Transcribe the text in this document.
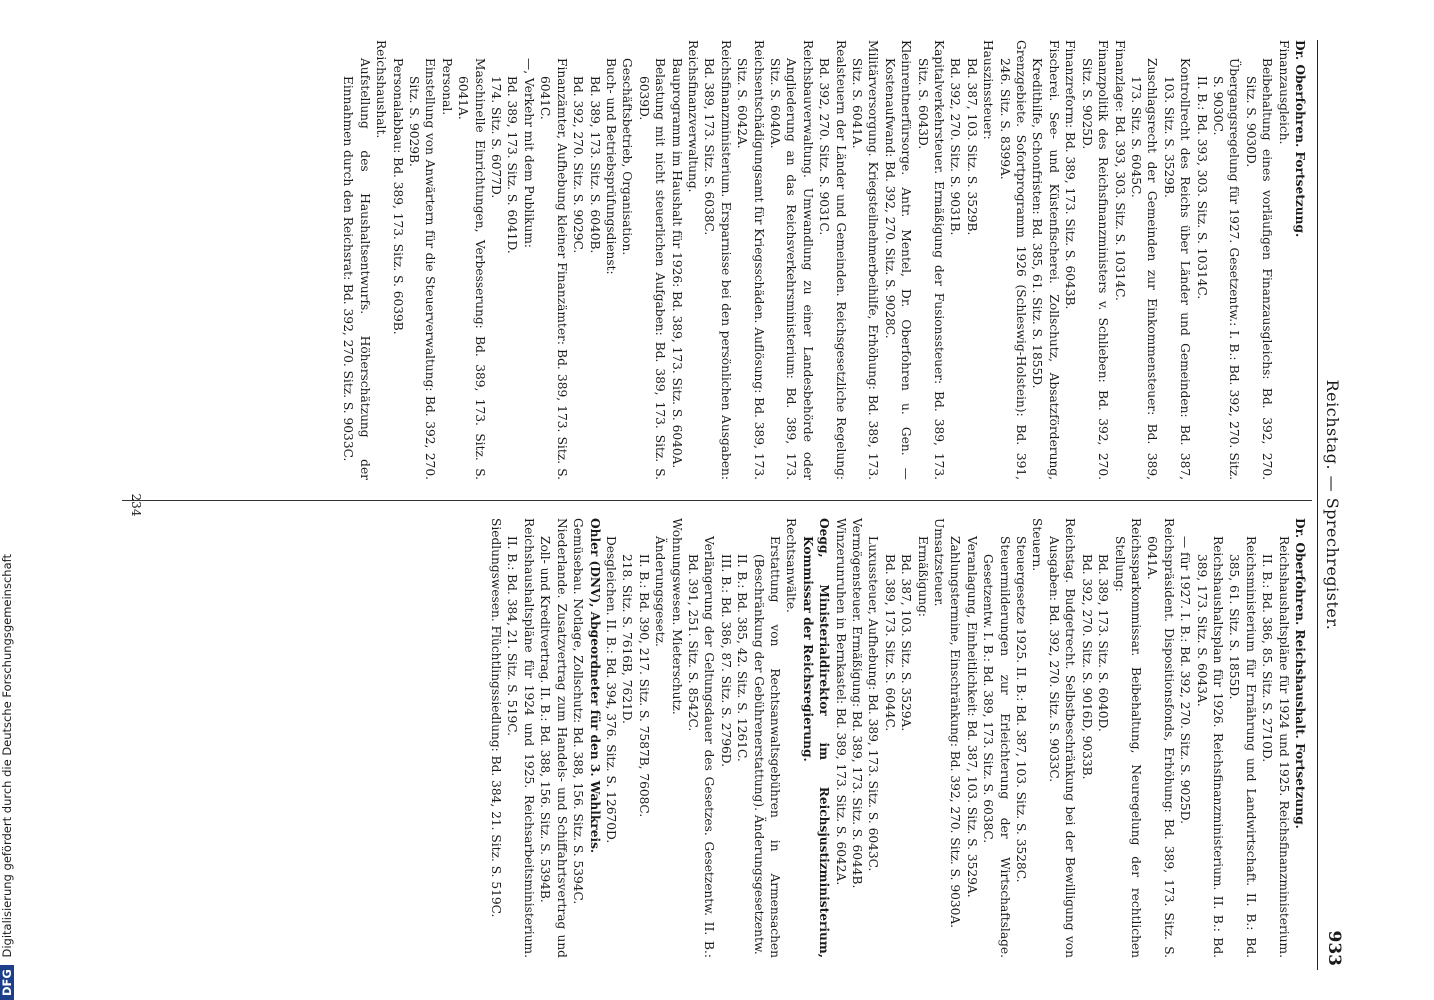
Reichstag. — Sprechregister.
933

Dr. Oberfohren. Fortsetzung.

Finanzausgleich.

Beibehaltung eines vorläufigen Finanzausgleichs: Bd. 392, 270. Sitz. S. 9030D.

Übergangsregelung für 1927. Gesetzentw.: I. B.: Bd. 392, 270. Sitz. S. 9030C.

II. B.: Bd. 393, 303. Sitz. S. 10314C.

Kontrollrecht des Reichs über Länder und Gemeinden: Bd. 387, 103. Sitz. S. 3529B.

Zuschlagsrecht der Gemeinden zur Einkommensteuer: Bd. 389, 173. Sitz. S. 6045C.

Finanzlage: Bd. 393, 303. Sitz. S. 10314C.

Finanzpolitik des Reichsfinanzministers v. Schlieben: Bd. 392, 270. Sitz. S. 9025D.

Finanzreform: Bd. 389, 173. Sitz. S. 6043B.

Fischerei. See- und Küstenfischerei. Zollschutz, Absatzförderung, Kredithilfe, Schonfristen: Bd. 385, 61. Sitz. S. 1855D.

Grenzgebiete. Sofortprogramm 1926 (Schleswig-Holstein): Bd. 391, 246. Sitz. S. 8399A.

Hauszinssteuer:

Bd. 387, 103. Sitz. S. 3529B.

Bd. 392, 270. Sitz. S. 9031B.

Kapitalverkehrsteuer. Ermäßigung der Fusionssteuer: Bd. 389, 173. Sitz. S. 6043D.

Kleinrentnerfürsorge. Antr. Mentel, Dr. Oberfohren u. Gen. — Kostenaufwand: Bd. 392, 270. Sitz. S. 9028C.

Militärversorgung. Kriegsteilnehmerbeihilfe, Erhöhung: Bd. 389, 173. Sitz. S. 6041A.

Realsteuern der Länder und Gemeinden. Reichsgesetzliche Regelung: Bd. 392, 270. Sitz. S. 9031C.

Reichsbauverwaltung. Umwandlung zu einer Landesbehörde oder Angliederung an das Reichsverkehrsministerium: Bd. 389, 173. Sitz. S. 6040A.

Reichsentschädigungsamt für Kriegsschäden. Auflösung: Bd. 389, 173. Sitz. S. 6042A.

Reichsfinanzministerium. Ersparnisse bei den persönlichen Ausgaben: Bd. 389, 173. Sitz. S. 6038C.

Reichsfinanzverwaltung.

Bauprogramm im Haushalt für 1926: Bd. 389, 173. Sitz. S. 6040A.

Belastung mit nicht steuerlichen Aufgaben: Bd. 389, 173. Sitz. S. 6039D.

Geschäftsbetrieb, Organisation.

Buch- und Betriebsprüfungsdienst:

Bd. 389, 173. Sitz. S. 6040B.

Bd. 392, 270. Sitz. S. 9029C.

Finanzämter, Aufhebung kleiner Finanzämter: Bd. 389, 173. Sitz. S. 6041C.

—, Verkehr mit dem Publikum:

Bd. 389, 173. Sitz. S. 6041D.

174. Sitz. S. 6077D.

Maschinelle Einrichtungen, Verbesserung: Bd. 389, 173. Sitz. S. 6041A.

Personal.

Einstellung von Anwärtern für die Steuerverwaltung: Bd. 392, 270. Sitz. S. 9029B.

Personalabbau: Bd. 389, 173. Sitz. S. 6039B.

Reichshaushalt.

Aufstellung des Haushaltsentwurfs. Höherschätzung der Einnahmen durch den Reichsrat: Bd. 392, 270. Sitz. S. 9033C.

Dr. Oberfohren. Reichshaushalt. Fortsetzung.

Reichshaushaltspläne für 1924 und 1925. Reichsfinanzministerium. II. B.: Bd. 386, 85. Sitz. S. 2710D.

Reichsministerium für Ernährung und Landwirtschaft. II. B.: Bd. 385, 61. Sitz. S. 1855D.

Reichshaushaltsplan für 1926. Reichsfinanzministerium. II. B.: Bd. 389, 173. Sitz. S. 6043A.

— für 1927. I. B.: Bd. 392, 270. Sitz. S. 9025D.

Reichspräsident. Dispositionsfonds, Erhöhung: Bd. 389, 173. Sitz. S. 6041A.

Reichssparkommissar. Beibehaltung, Neuregelung der rechtlichen Stellung:

Bd. 389, 173. Sitz. S. 6040D.

Bd. 392, 270. Sitz. S. 9016D, 9033B.

Reichstag. Budgetrecht. Selbstbeschränkung bei der Bewilligung von Ausgaben: Bd. 392, 270. Sitz. S. 9033C.

Steuern.

Steuergesetze 1925. II. B.: Bd. 387, 103. Sitz. S. 3528C.

Steuermilderungen zur Erleichterung der Wirtschaftslage. Gesetzentw. I. B.: Bd. 389, 173. Sitz. S. 6038C.

Veranlagung, Einheitlichkeit: Bd. 387, 103. Sitz. S. 3529A.

Zahlungstermine, Einschränkung: Bd. 392, 270. Sitz. S. 9030A.

Umsatzsteuer.

Ermäßigung:

Bd. 387, 103. Sitz. S. 3529A.

Bd. 389, 173. Sitz. S. 6044C.

Luxussteuer, Aufhebung: Bd. 389, 173. Sitz. S. 6043C.

Vermögensteuer. Ermäßigung: Bd. 389, 173. Sitz. S. 6044B.

Winzerunruhen in Bernkastel: Bd. 389, 173. Sitz. S. 6042A.

Oegg, Ministerialdirektor im Reichsjustizministerium, Kommissar der Reichsregierung.

Rechtsanwälte.

Erstattung von Rechtsanwaltsgebühren in Armensachen (Beschränkung der Gebührenerstattung). Änderungsgesetzentw.

II. B.: Bd. 385, 42. Sitz. S. 1261C.

III. B.: Bd. 386, 87. Sitz. S. 2796D.

Verlängerung der Geltungsdauer des Gesetzes. Gesetzentw. II. B.: Bd. 391, 251. Sitz. S. 8542C.

Wohnungswesen. Mieterschutz.

Änderungsgesetz.

II. B.: Bd. 390, 217. Sitz. S. 7587B, 7608C.

218. Sitz. S. 7616B, 7621D.

Desgleichen. II. B.: Bd. 394, 376. Sitz. S. 12670D.

Ohler (DNV), Abgeordneter für den 3. Wahlkreis.

Gemüsebau. Notlage, Zollschutz: Bd. 388, 156. Sitz. S. 5394C.

Niederlande. Zusatzvertrag zum Handels- und Schiffahrtsvertrag und Zoll- und Kreditvertrag. II. B.: Bd. 388, 156. Sitz. S. 5394B.

Reichshaushaltspläne für 1924 und 1925. Reichsarbeitsministerium. II. B.: Bd. 384, 21. Sitz. S. 519C.

Siedlungswesen. Flüchtlingssiedlung: Bd. 384, 21. Sitz. S. 519C.

234
DFG Digitalisierung gefördert durch die Deutsche Forschungsgemeinschaft
